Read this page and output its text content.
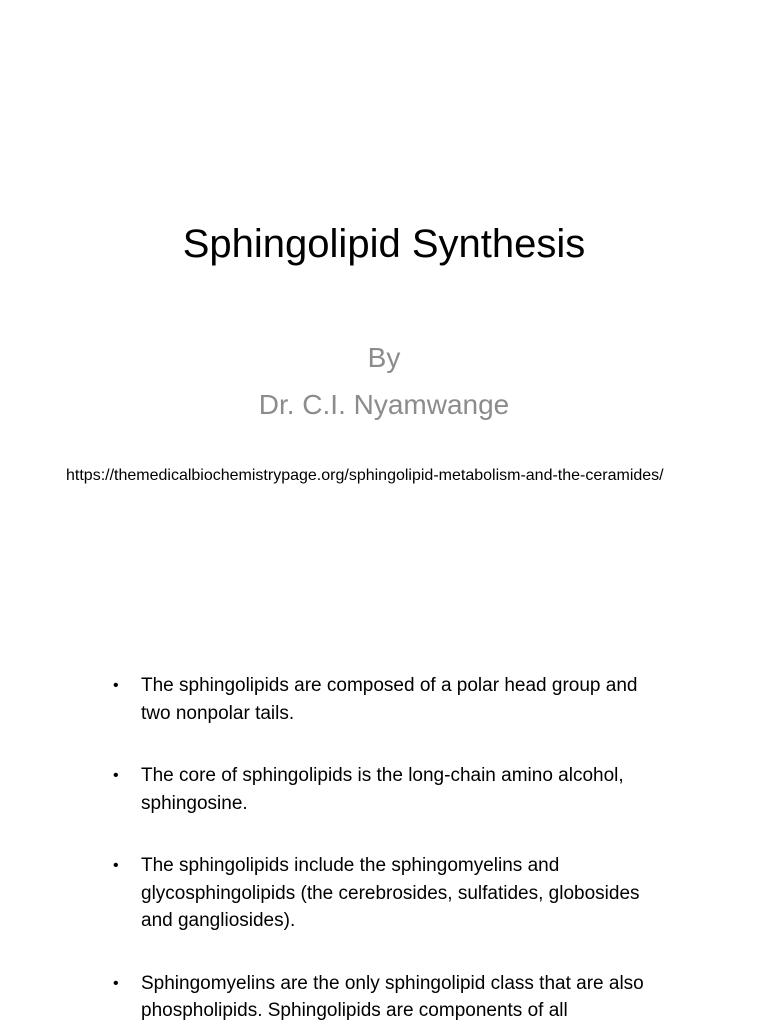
Sphingolipid Synthesis
By
Dr. C.I. Nyamwange
https://themedicalbiochemistrypage.org/sphingolipid-metabolism-and-the-ceramides/
• The sphingolipids are composed of a polar head group and two nonpolar tails.
• The core of sphingolipids is the long-chain amino alcohol, sphingosine.
• The sphingolipids include the sphingomyelins and glycosphingolipids (the cerebrosides, sulfatides, globosides and gangliosides).
• Sphingomyelins are the only sphingolipid class that are also phospholipids. Sphingolipids are components of all
